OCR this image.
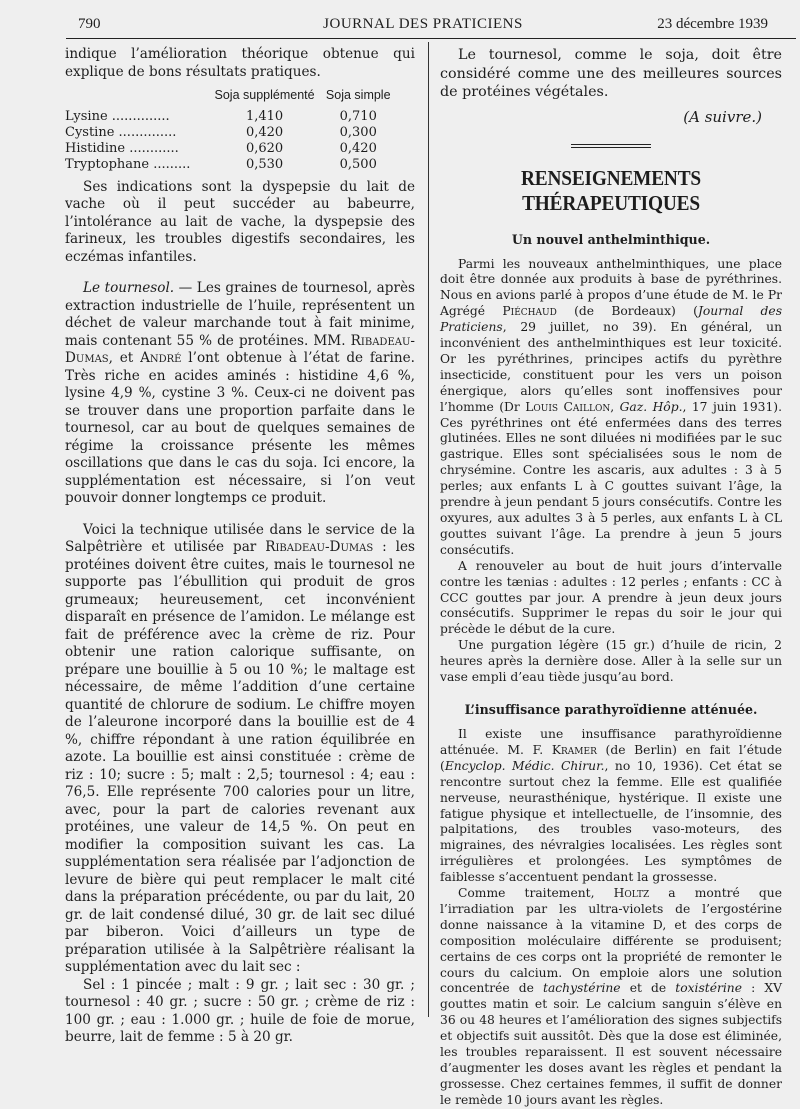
790	JOURNAL DES PRATICIENS	23 décembre 1939

indique l’amélioration théorique obtenue qui explique de bons résultats pratiques.

	Soja supplémenté	Soja simple
Lysine ..............	1,410	0,710
Cystine ..............	0,420	0,300
Histidine ............	0,620	0,420
Tryptophane .........	0,530	0,500

Ses indications sont la dyspepsie du lait de vache où il peut succéder au babeurre, l’intolérance au lait de vache, la dyspepsie des farineux, les troubles digestifs secondaires, les eczémas infantiles.

Le tournesol. — Les graines de tournesol, après extraction industrielle de l’huile, représentent un déchet de valeur marchande tout à fait minime, mais contenant 55 % de protéines. MM. Ribadeau-Dumas, et André l’ont obtenue à l’état de farine. Très riche en acides aminés : histidine 4,6 %, lysine 4,9 %, cystine 3 %. Ceux-ci ne doivent pas se trouver dans une proportion parfaite dans le tournesol, car au bout de quelques semaines de régime la croissance présente les mêmes oscillations que dans le cas du soja. Ici encore, la supplémentation est nécessaire, si l’on veut pouvoir donner longtemps ce produit.

Voici la technique utilisée dans le service de la Salpêtrière et utilisée par Ribadeau-Dumas : les protéines doivent être cuites, mais le tournesol ne supporte pas l’ébullition qui produit de gros grumeaux; heureusement, cet inconvénient disparaît en présence de l’amidon. Le mélange est fait de préférence avec la crème de riz. Pour obtenir une ration calorique suffisante, on prépare une bouillie à 5 ou 10 %; le maltage est nécessaire, de même l’addition d’une certaine quantité de chlorure de sodium. Le chiffre moyen de l’aleurone incorporé dans la bouillie est de 4 %, chiffre répondant à une ration équilibrée en azote. La bouillie est ainsi constituée : crème de riz : 10; sucre : 5; malt : 2,5; tournesol : 4; eau : 76,5. Elle représente 700 calories pour un litre, avec, pour la part de calories revenant aux protéines, une valeur de 14,5 %. On peut en modifier la composition suivant les cas. La supplémentation sera réalisée par l’adjonction de levure de bière qui peut remplacer le malt cité dans la préparation précédente, ou par du lait, 20 gr. de lait condensé dilué, 30 gr. de lait sec dilué par biberon. Voici d’ailleurs un type de préparation utilisée à la Salpêtrière réalisant la supplémentation avec du lait sec :

Sel : 1 pincée ; malt : 9 gr. ; lait sec : 30 gr. ; tournesol : 40 gr. ; sucre : 50 gr. ; crème de riz : 100 gr. ; eau : 1.000 gr. ; huile de foie de morue, beurre, lait de femme : 5 à 20 gr.

Le tournesol, comme le soja, doit être considéré comme une des meilleures sources de protéines végétales.

(A suivre.)
RENSEIGNEMENTS THÉRAPEUTIQUES
Un nouvel anthelminthique.

Parmi les nouveaux anthelminthiques, une place doit être donnée aux produits à base de pyréthrines. Nous en avions parlé à propos d’une étude de M. le Pr Agrégé Piéchaud (de Bordeaux) (Journal des Praticiens, 29 juillet, no 39). En général, un inconvénient des anthelminthiques est leur toxicité. Or les pyréthrines, principes actifs du pyrèthre insecticide, constituent pour les vers un poison énergique, alors qu’elles sont inoffensives pour l’homme (Dr Louis Caillon, Gaz. Hôp., 17 juin 1931). Ces pyréthrines ont été enfermées dans des terres glutinées. Elles ne sont diluées ni modifiées par le suc gastrique. Elles sont spécialisées sous le nom de chrysémine. Contre les ascaris, aux adultes : 3 à 5 perles; aux enfants L à C gouttes suivant l’âge, la prendre à jeun pendant 5 jours consécutifs. Contre les oxyures, aux adultes 3 à 5 perles, aux enfants L à CL gouttes suivant l’âge. La prendre à jeun 5 jours consécutifs.

A renouveler au bout de huit jours d’intervalle contre les tænias : adultes : 12 perles ; enfants : CC à CCC gouttes par jour. A prendre à jeun deux jours consécutifs. Supprimer le repas du soir le jour qui précède le début de la cure.

Une purgation légère (15 gr.) d’huile de ricin, 2 heures après la dernière dose. Aller à la selle sur un vase empli d’eau tiède jusqu’au bord.

L’insuffisance parathyroïdienne atténuée.

Il existe une insuffisance parathyroïdienne atténuée. M. F. Kramer (de Berlin) en fait l’étude (Encyclop. Médic. Chirur., no 10, 1936). Cet état se rencontre surtout chez la femme. Elle est qualifiée nerveuse, neurasthénique, hystérique. Il existe une fatigue physique et intellectuelle, de l’insomnie, des palpitations, des troubles vaso-moteurs, des migraines, des névralgies localisées. Les règles sont irrégulières et prolongées. Les symptômes de faiblesse s’accentuent pendant la grossesse.

Comme traitement, Holtz a montré que l’irradiation par les ultra-violets de l’ergostérine donne naissance à la vitamine D, et des corps de composition moléculaire différente se produisent; certains de ces corps ont la propriété de remonter le cours du calcium. On emploie alors une solution concentrée de tachystérine et de toxistérine : XV gouttes matin et soir. Le calcium sanguin s’élève en 36 ou 48 heures et l’amélioration des signes subjectifs et objectifs suit aussitôt. Dès que la dose est éliminée, les troubles reparaissent. Il est souvent nécessaire d’augmenter les doses avant les règles et pendant la grossesse. Chez certaines femmes, il suffit de donner le remède 10 jours avant les règles.
